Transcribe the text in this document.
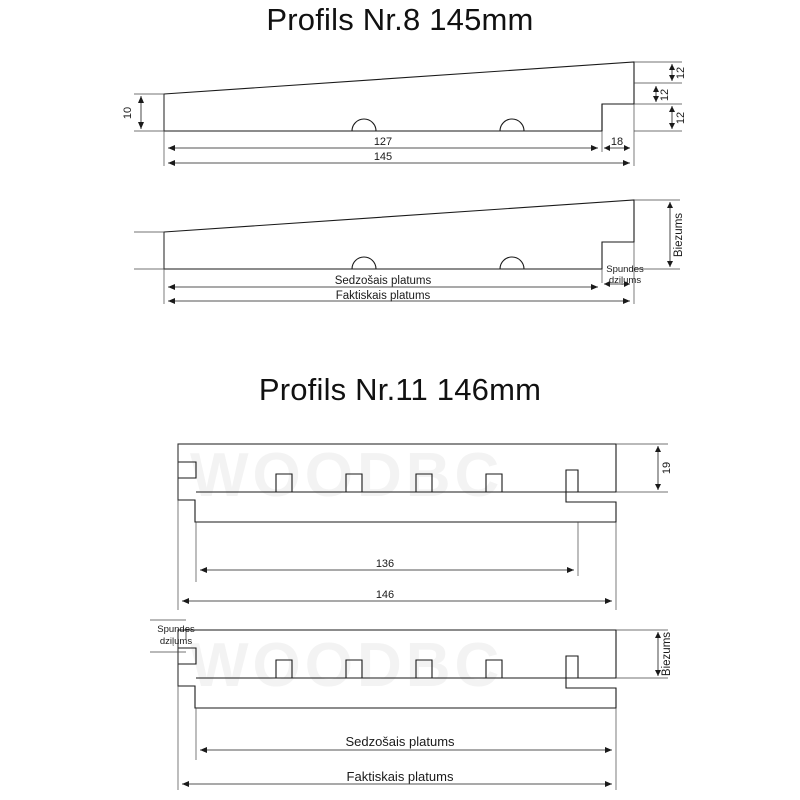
Profils Nr.8 145mm
Profils Nr.11 146mm
WOODBC
WOODBC
127
145
18
10
12
12
12
Sedzošais platums
Faktiskais platums
Spundes
dziļums
Biezums
136
146
19
Spundes
dziļums	Biezums
Sedzošais platums
Faktiskais platums
